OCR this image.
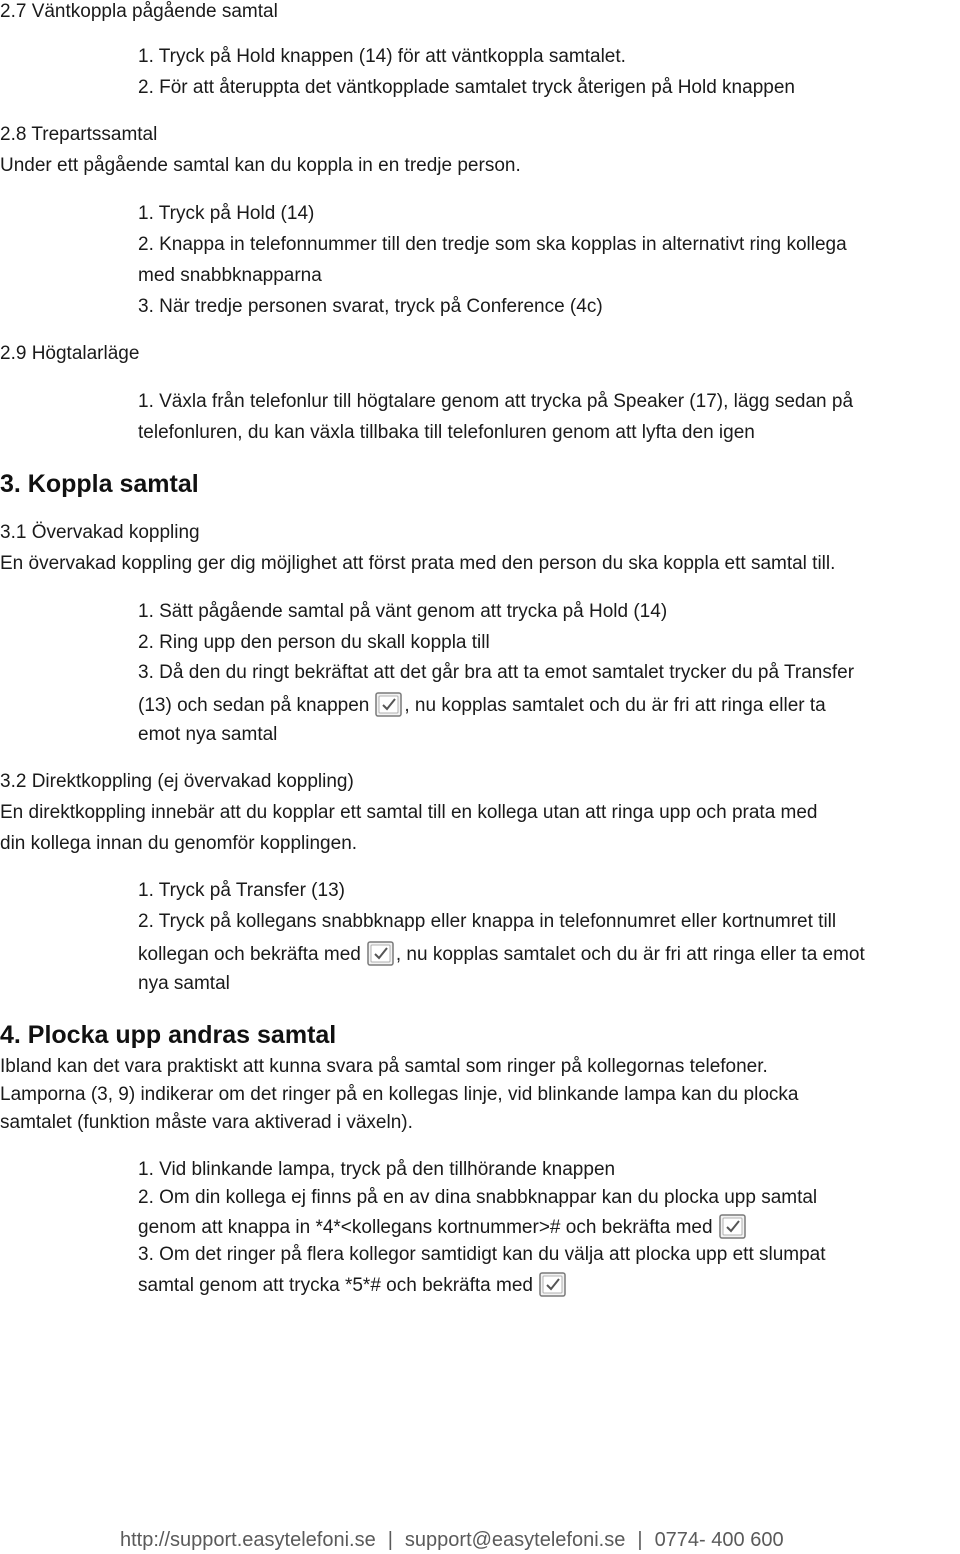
2.7 Väntkoppla pågående samtal
1. Tryck på Hold knappen (14) för att väntkoppla samtalet.
2. För att återuppta det väntkopplade samtalet tryck återigen på Hold knappen
2.8 Trepartssamtal
Under ett pågående samtal kan du koppla in en tredje person.
1. Tryck på Hold (14)
2. Knappa in telefonnummer till den tredje som ska kopplas in alternativt ring kollega
med snabbknapparna
3. När tredje personen svarat, tryck på Conference (4c)
2.9 Högtalarläge
1. Växla från telefonlur till högtalare genom att trycka på Speaker (17), lägg sedan på
telefonluren, du kan växla tillbaka till telefonluren genom att lyfta den igen
3. Koppla samtal
3.1 Övervakad koppling
En övervakad koppling ger dig möjlighet att först prata med den person du ska koppla ett samtal till.
1. Sätt pågående samtal på vänt genom att trycka på Hold (14)
2. Ring upp den person du skall koppla till
3. Då den du ringt bekräftat att det går bra att ta emot samtalet trycker du på Transfer
(13) och sedan på knappen , nu kopplas samtalet och du är fri att ringa eller ta
emot nya samtal
3.2 Direktkoppling (ej övervakad koppling)
En direktkoppling innebär att du kopplar ett samtal till en kollega utan att ringa upp och prata med
din kollega innan du genomför kopplingen.
1. Tryck på Transfer (13)
2. Tryck på kollegans snabbknapp eller knappa in telefonnumret eller kortnumret till
kollegan och bekräfta med , nu kopplas samtalet och du är fri att ringa eller ta emot
nya samtal
4. Plocka upp andras samtal
Ibland kan det vara praktiskt att kunna svara på samtal som ringer på kollegornas telefoner.
Lamporna (3, 9) indikerar om det ringer på en kollegas linje, vid blinkande lampa kan du plocka
samtalet (funktion måste vara aktiverad i växeln).
1. Vid blinkande lampa, tryck på den tillhörande knappen
2. Om din kollega ej finns på en av dina snabbknappar kan du plocka upp samtal
genom att knappa in *4*<kollegans kortnummer># och bekräfta med
3. Om det ringer på flera kollegor samtidigt kan du välja att plocka upp ett slumpat
samtal genom att trycka *5*# och bekräfta med
http://support.easytelefoni.se | support@easytelefoni.se | 0774- 400 600
